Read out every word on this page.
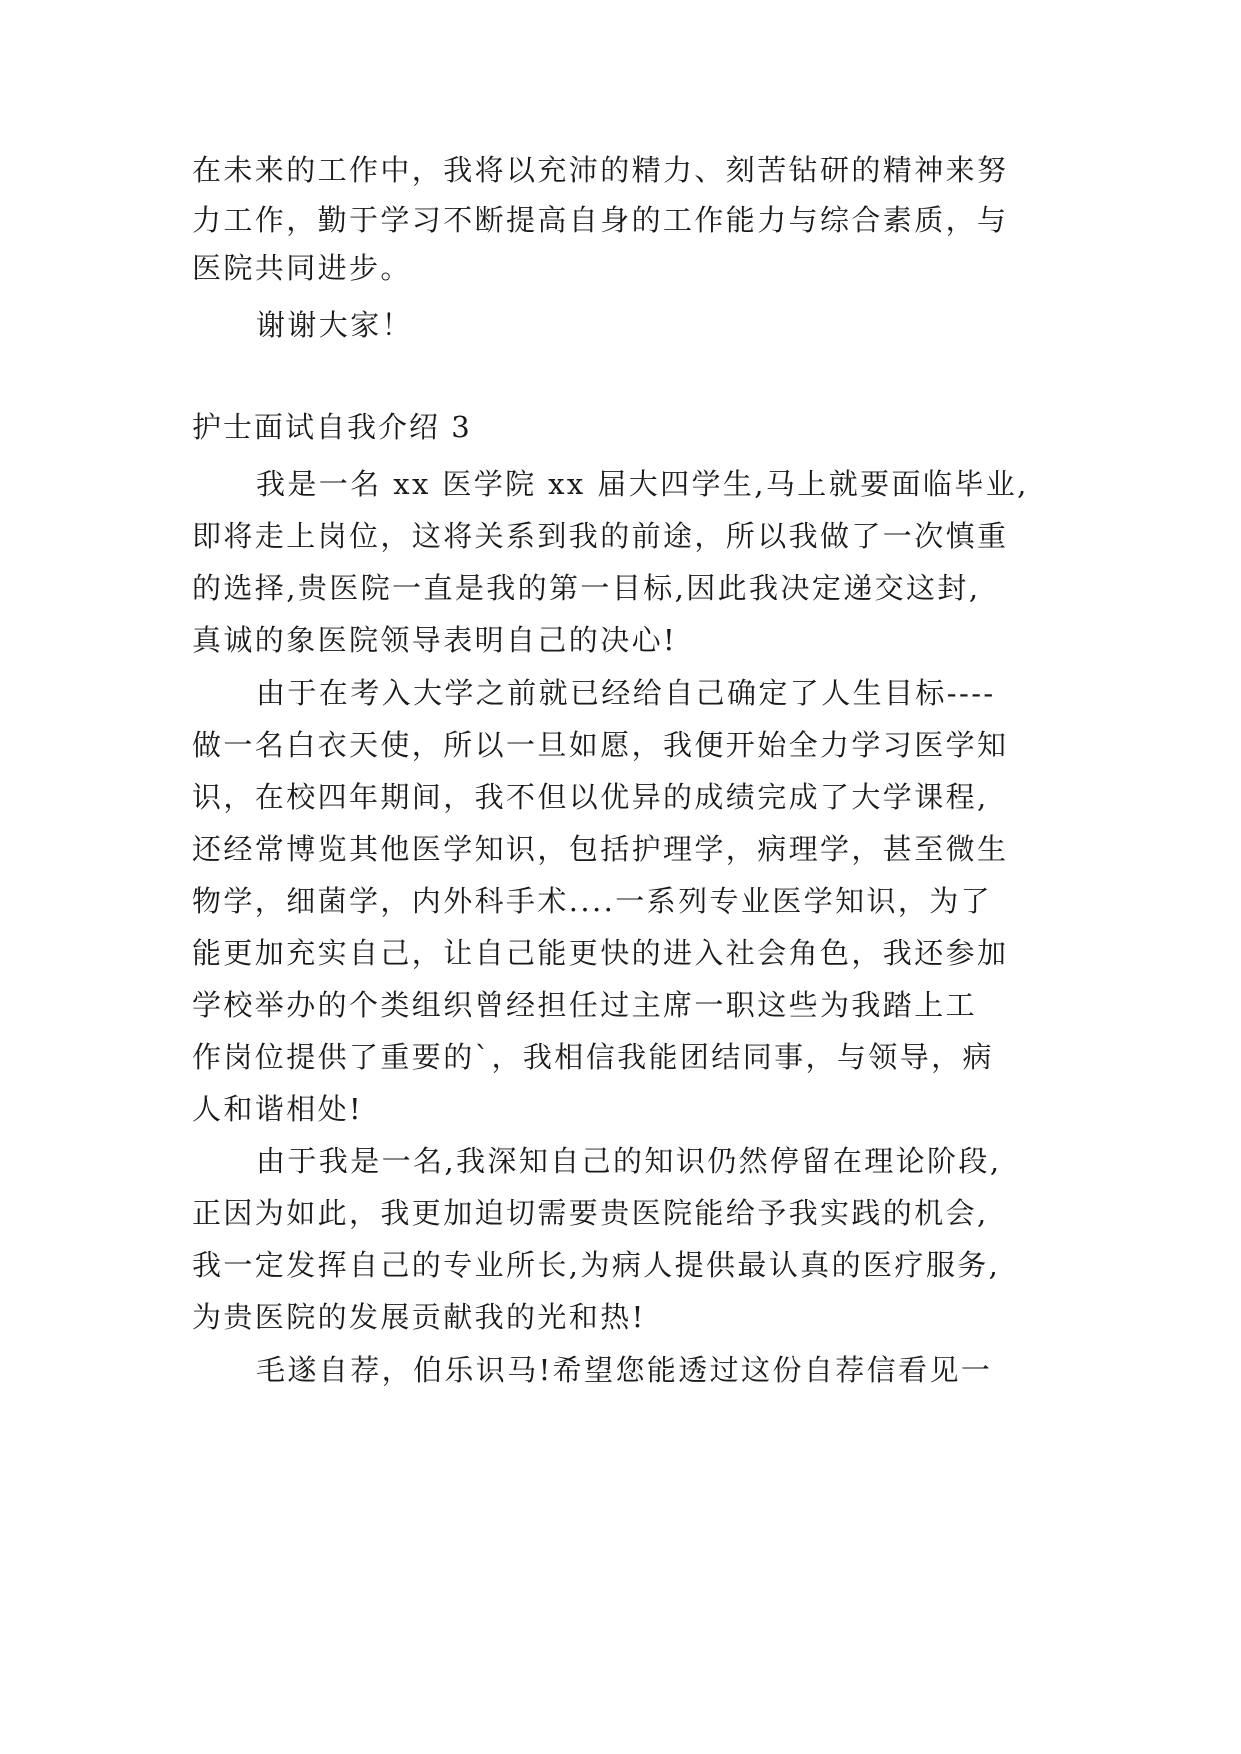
在未来的工作中，我将以充沛的精力、刻苦钻研的精神来努
力工作，勤于学习不断提高自身的工作能力与综合素质，与
医院共同进步。
谢谢大家！
护士面试自我介绍 3
我是一名 xx 医学院 xx 届大四学生,马上就要面临毕业,
即将走上岗位，这将关系到我的前途，所以我做了一次慎重
的选择,贵医院一直是我的第一目标,因此我决定递交这封,
真诚的象医院领导表明自己的决心!
由于在考入大学之前就已经给自己确定了人生目标----
做一名白衣天使，所以一旦如愿，我便开始全力学习医学知
识，在校四年期间，我不但以优异的成绩完成了大学课程,
还经常博览其他医学知识，包括护理学，病理学，甚至微生
物学，细菌学，内外科手术....一系列专业医学知识，为了
能更加充实自己，让自己能更快的进入社会角色，我还参加
学校举办的个类组织曾经担任过主席一职这些为我踏上工
作岗位提供了重要的`，我相信我能团结同事，与领导，病
人和谐相处!
由于我是一名,我深知自己的知识仍然停留在理论阶段,
正因为如此，我更加迫切需要贵医院能给予我实践的机会,
我一定发挥自己的专业所长,为病人提供最认真的医疗服务,
为贵医院的发展贡献我的光和热!
毛遂自荐，伯乐识马!希望您能透过这份自荐信看见一
